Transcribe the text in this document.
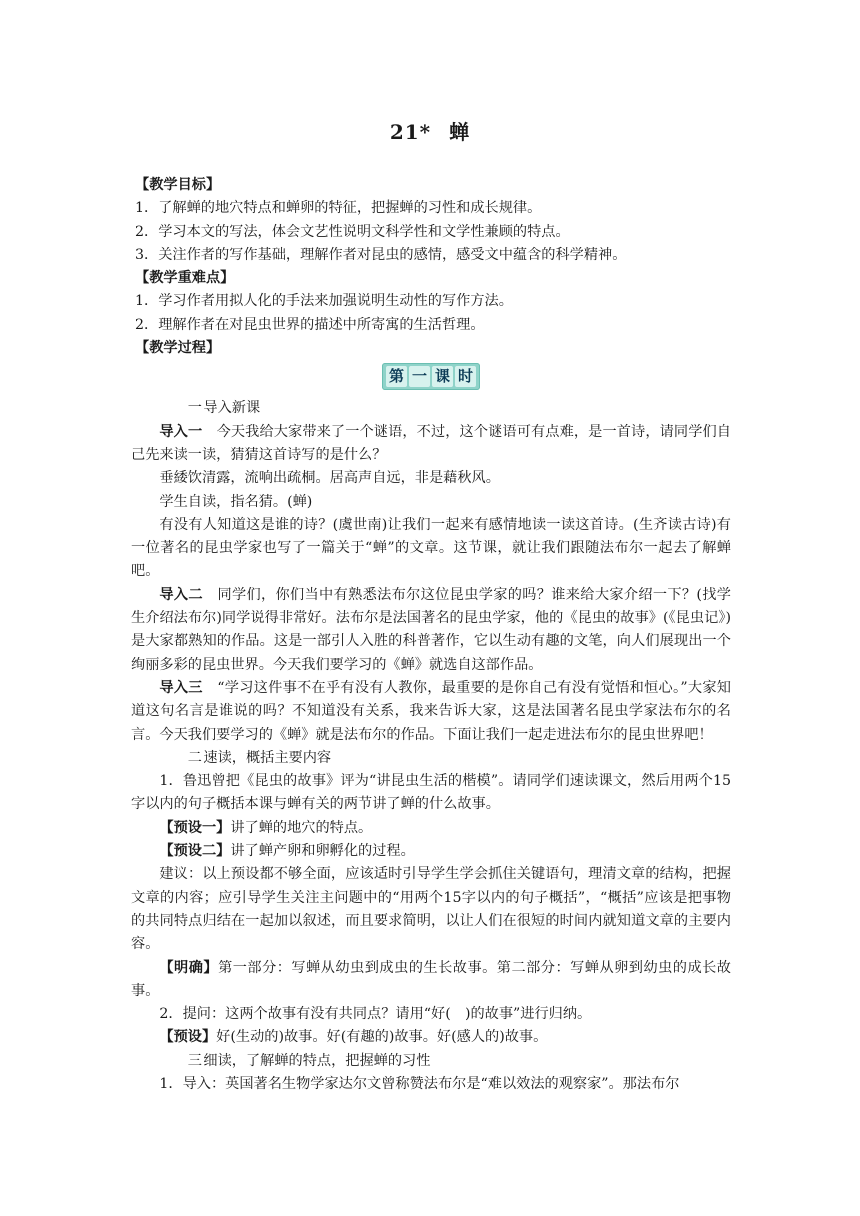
21* 蝉

【教学目标】

1．了解蝉的地穴特点和蝉卵的特征，把握蝉的习性和成长规律。

2．学习本文的写法，体会文艺性说明文科学性和文学性兼顾的特点。

3．关注作者的写作基础，理解作者对昆虫的感情，感受文中蕴含的科学精神。

【教学重难点】

1．学习作者用拟人化的手法来加强说明生动性的写作方法。

2．理解作者在对昆虫世界的描述中所寄寓的生活哲理。

【教学过程】

第 一 课 时

一导入新课

导入一　今天我给大家带来了一个谜语，不过，这个谜语可有点难，是一首诗，请同学们自己先来读一读，猜猜这首诗写的是什么？

垂緌饮清露，流响出疏桐。居高声自远，非是藉秋风。

学生自读，指名猜。(蝉)

有没有人知道这是谁的诗？(虞世南)让我们一起来有感情地读一读这首诗。(生齐读古诗)有一位著名的昆虫学家也写了一篇关于“蝉”的文章。这节课，就让我们跟随法布尔一起去了解蝉吧。

导入二　同学们，你们当中有熟悉法布尔这位昆虫学家的吗？谁来给大家介绍一下？(找学生介绍法布尔)同学说得非常好。法布尔是法国著名的昆虫学家，他的《昆虫的故事》(《昆虫记》)是大家都熟知的作品。这是一部引人入胜的科普著作，它以生动有趣的文笔，向人们展现出一个绚丽多彩的昆虫世界。今天我们要学习的《蝉》就选自这部作品。

导入三　“学习这件事不在乎有没有人教你，最重要的是你自己有没有觉悟和恒心。”大家知道这句名言是谁说的吗？不知道没有关系，我来告诉大家，这是法国著名昆虫学家法布尔的名言。今天我们要学习的《蝉》就是法布尔的作品。下面让我们一起走进法布尔的昆虫世界吧！

二速读，概括主要内容

1．鲁迅曾把《昆虫的故事》评为“讲昆虫生活的楷模”。请同学们速读课文，然后用两个15字以内的句子概括本课与蝉有关的两节讲了蝉的什么故事。

【预设一】讲了蝉的地穴的特点。

【预设二】讲了蝉产卵和卵孵化的过程。

建议：以上预设都不够全面，应该适时引导学生学会抓住关键语句，理清文章的结构，把握文章的内容；应引导学生关注主问题中的“用两个15字以内的句子概括”，“概括”应该是把事物的共同特点归结在一起加以叙述，而且要求简明，以让人们在很短的时间内就知道文章的主要内容。

【明确】第一部分：写蝉从幼虫到成虫的生长故事。第二部分：写蝉从卵到幼虫的成长故事。

2．提问：这两个故事有没有共同点？请用“好(　)的故事”进行归纳。

【预设】好(生动的)故事。好(有趣的)故事。好(感人的)故事。

三细读，了解蝉的特点，把握蝉的习性

1．导入：英国著名生物学家达尔文曾称赞法布尔是“难以效法的观察家”。那法布尔
